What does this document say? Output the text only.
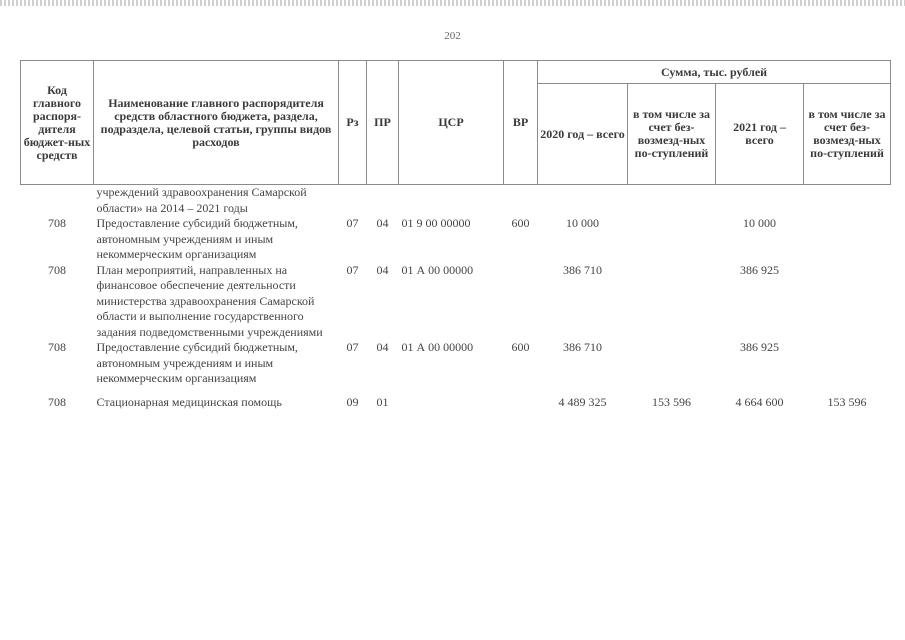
202
Код главного распоря-дителя бюджет-ных средств	Наименование главного распорядителя средств областного бюджета, раздела, подраздела, целевой статьи, группы видов расходов	Рз	ПР	ЦСР	ВР	Сумма, тыс. рублей			
						2020 год – всего	в том числе за счет без-возмезд-ных по-ступлений	2021 год – всего	в том числе за счет без-возмезд-ных по-ступлений
	учреждений здравоохранения Самарской области» на 2014 – 2021 годы								
708	Предоставление субсидий бюджетным, автономным учреждениям и иным некоммерческим организациям	07	04	01 9 00 00000	600	10 000		10 000	
708	План мероприятий, направленных на финансовое обеспечение деятельности министерства здравоохранения Самарской области и выполнение государственного задания подведомственными учреждениями	07	04	01 А 00 00000		386 710		386 925	
708	Предоставление субсидий бюджетным, автономным учреждениям и иным некоммерческим организациям	07	04	01 А 00 00000	600	386 710		386 925	

708	Стационарная медицинская помощь	09	01			4 489 325	153 596	4 664 600	153 596
